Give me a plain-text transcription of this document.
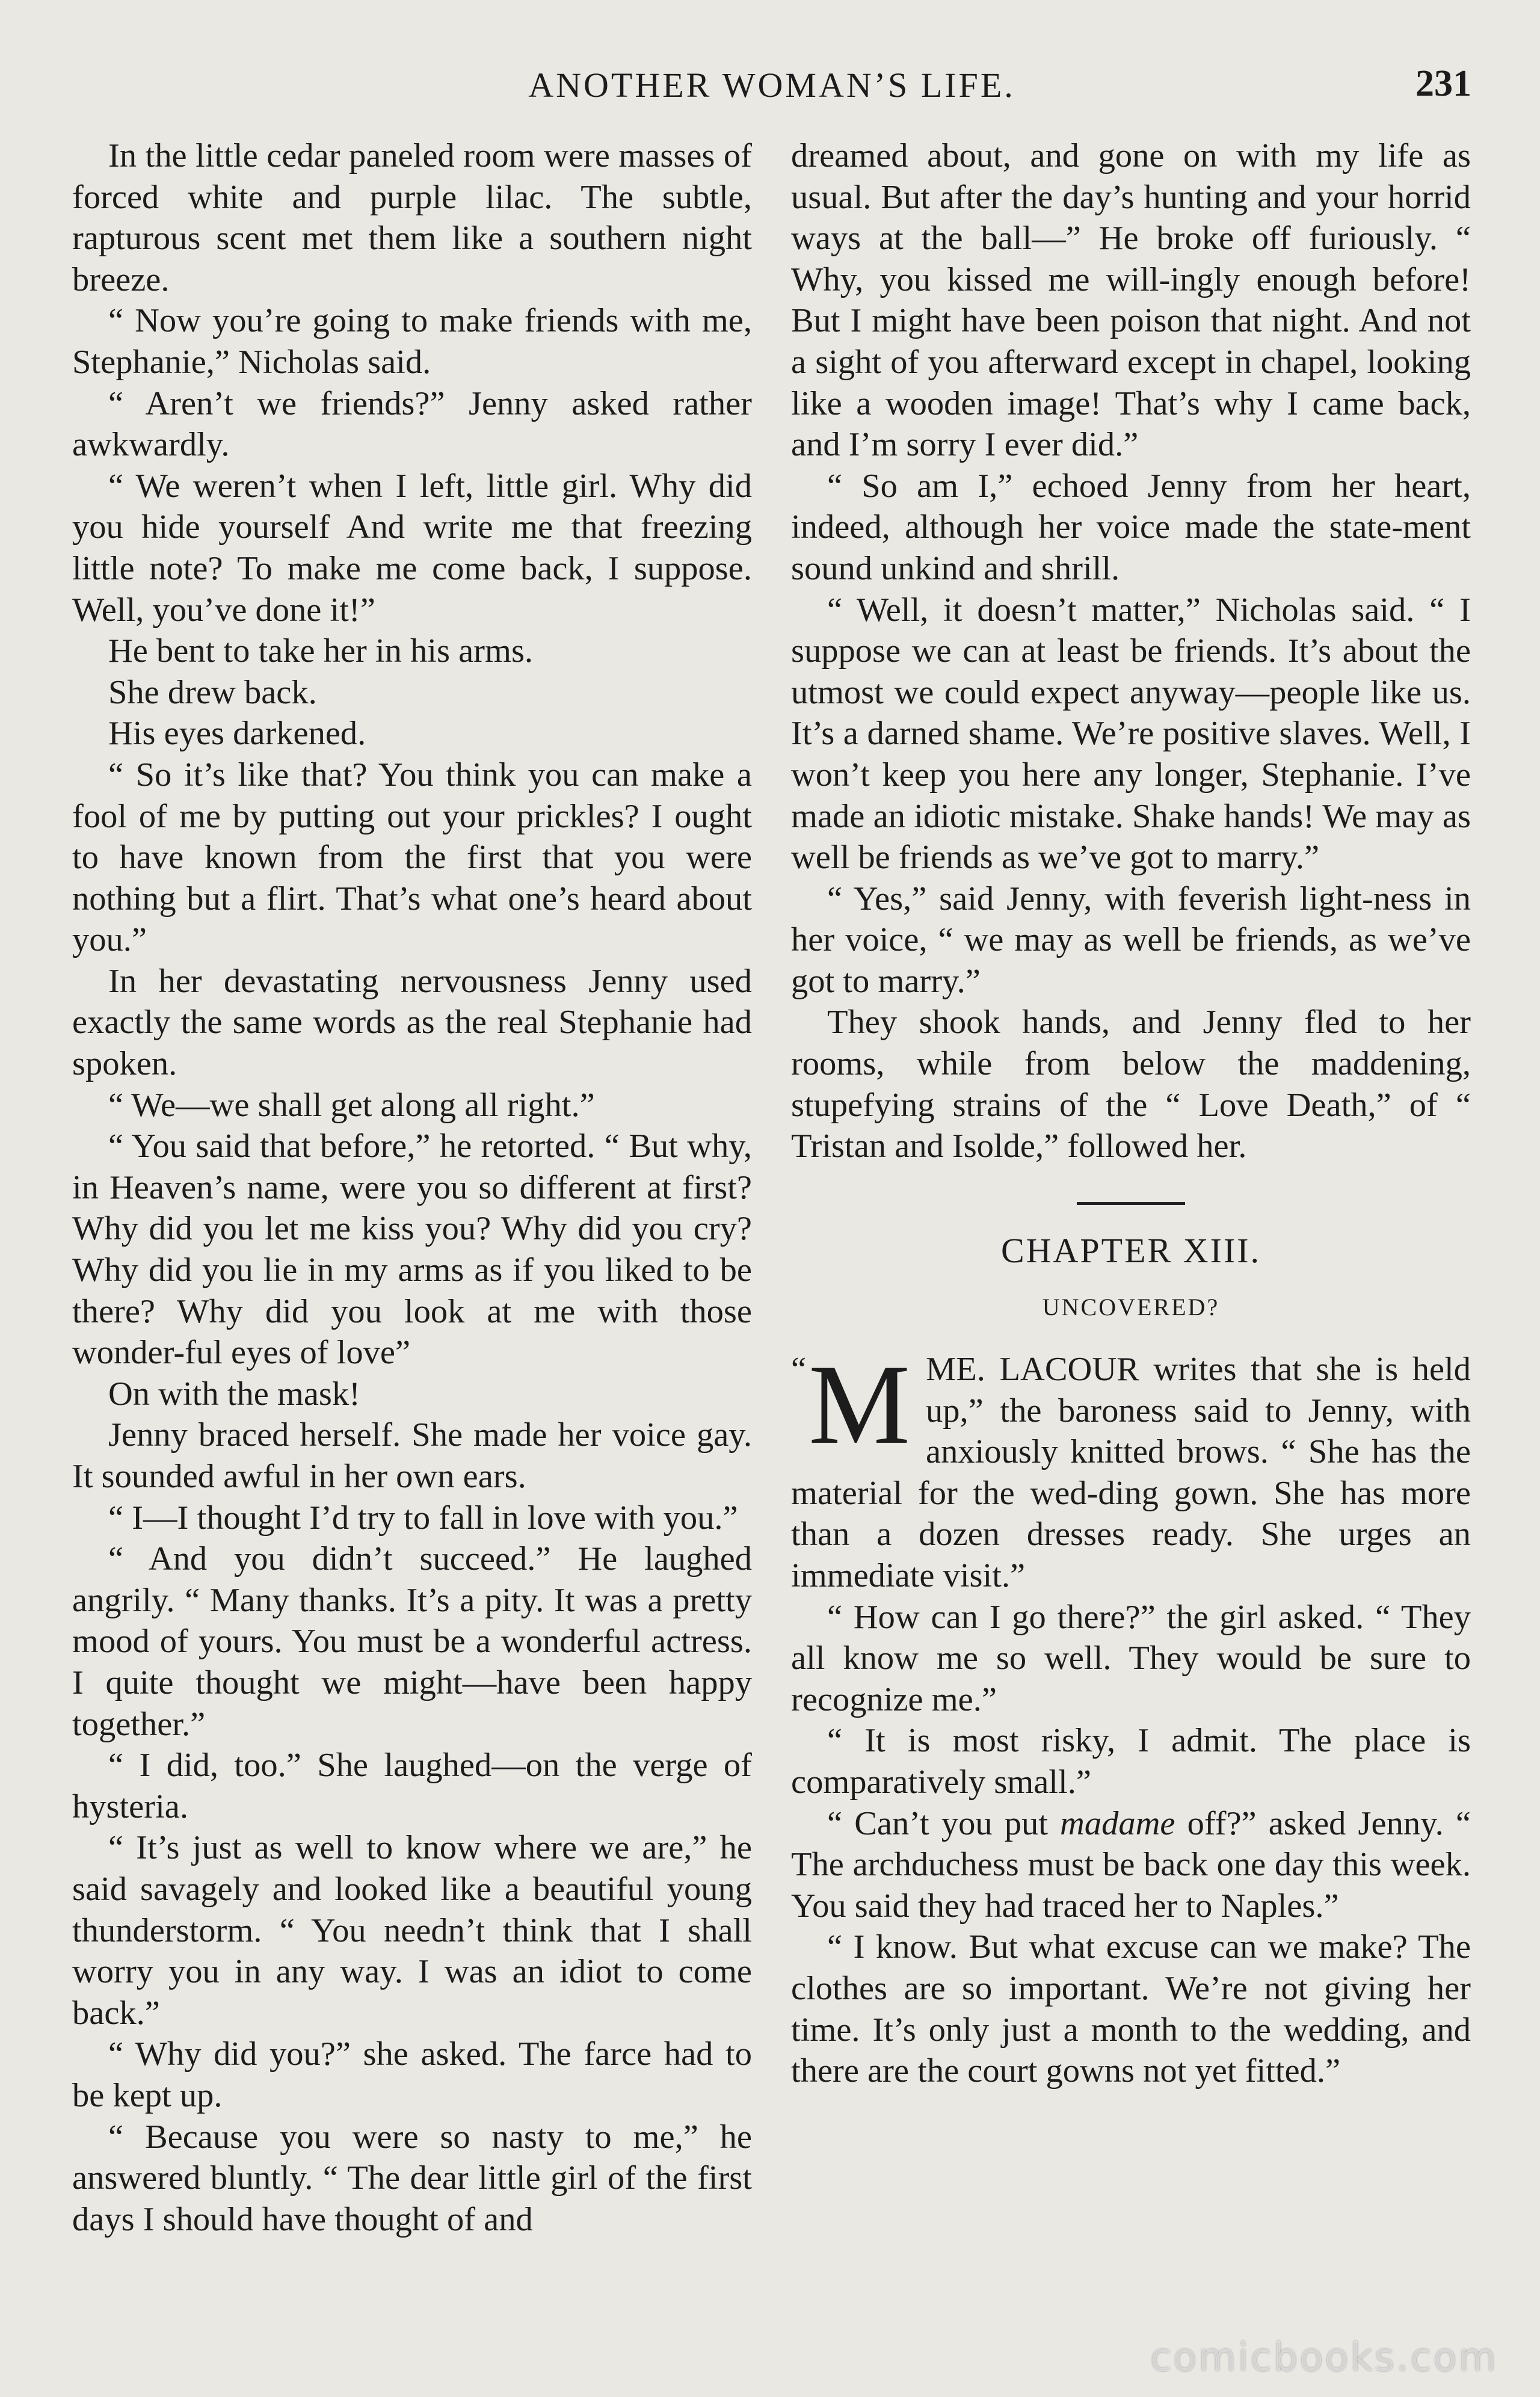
ANOTHER WOMAN’S LIFE.	231

In the little cedar paneled room were masses of forced white and purple lilac. The subtle, rapturous scent met them like a southern night breeze.

“ Now you’re going to make friends with me, Stephanie,” Nicholas said.

“ Aren’t we friends?” Jenny asked rather awkwardly.

“ We weren’t when I left, little girl. Why did you hide yourself And write me that freezing little note? To make me come back, I suppose. Well, you’ve done it!”

He bent to take her in his arms.

She drew back.

His eyes darkened.

“ So it’s like that? You think you can make a fool of me by putting out your prickles? I ought to have known from the first that you were nothing but a flirt. That’s what one’s heard about you.”

In her devastating nervousness Jenny used exactly the same words as the real Stephanie had spoken.

“ We—we shall get along all right.”

“ You said that before,” he retorted. “ But why, in Heaven’s name, were you so different at first? Why did you let me kiss you? Why did you cry? Why did you lie in my arms as if you liked to be there? Why did you look at me with those wonder-ful eyes of love”

On with the mask!

Jenny braced herself. She made her voice gay. It sounded awful in her own ears.

“ I—I thought I’d try to fall in love with you.”

“ And you didn’t succeed.” He laughed angrily. “ Many thanks. It’s a pity. It was a pretty mood of yours. You must be a wonderful actress. I quite thought we might—have been happy together.”

“ I did, too.” She laughed—on the verge of hysteria.

“ It’s just as well to know where we are,” he said savagely and looked like a beautiful young thunderstorm. “ You needn’t think that I shall worry you in any way. I was an idiot to come back.”

“ Why did you?” she asked. The farce had to be kept up.

“ Because you were so nasty to me,” he answered bluntly. “ The dear little girl of the first days I should have thought of and

dreamed about, and gone on with my life as usual. But after the day’s hunting and your horrid ways at the ball—” He broke off furiously. “ Why, you kissed me will-ingly enough before! But I might have been poison that night. And not a sight of you afterward except in chapel, looking like a wooden image! That’s why I came back, and I’m sorry I ever did.”

“ So am I,” echoed Jenny from her heart, indeed, although her voice made the state-ment sound unkind and shrill.

“ Well, it doesn’t matter,” Nicholas said. “ I suppose we can at least be friends. It’s about the utmost we could expect anyway—people like us. It’s a darned shame. We’re positive slaves. Well, I won’t keep you here any longer, Stephanie. I’ve made an idiotic mistake. Shake hands! We may as well be friends as we’ve got to marry.”

“ Yes,” said Jenny, with feverish light-ness in her voice, “ we may as well be friends, as we’ve got to marry.”

They shook hands, and Jenny fled to her rooms, while from below the maddening, stupefying strains of the “ Love Death,” of “ Tristan and Isolde,” followed her.

CHAPTER XIII.
UNCOVERED?

“ M ME. LACOUR writes that she is held up,” the baroness said to Jenny, with anxiously knitted brows. “ She has the material for the wed-ding gown. She has more than a dozen dresses ready. She urges an immediate visit.”

“ How can I go there?” the girl asked. “ They all know me so well. They would be sure to recognize me.”

“ It is most risky, I admit. The place is comparatively small.”

“ Can’t you put madame off?” asked Jenny. “ The archduchess must be back one day this week. You said they had traced her to Naples.”

“ I know. But what excuse can we make? The clothes are so important. We’re not giving her time. It’s only just a month to the wedding, and there are the court gowns not yet fitted.”

comicbooks.com
